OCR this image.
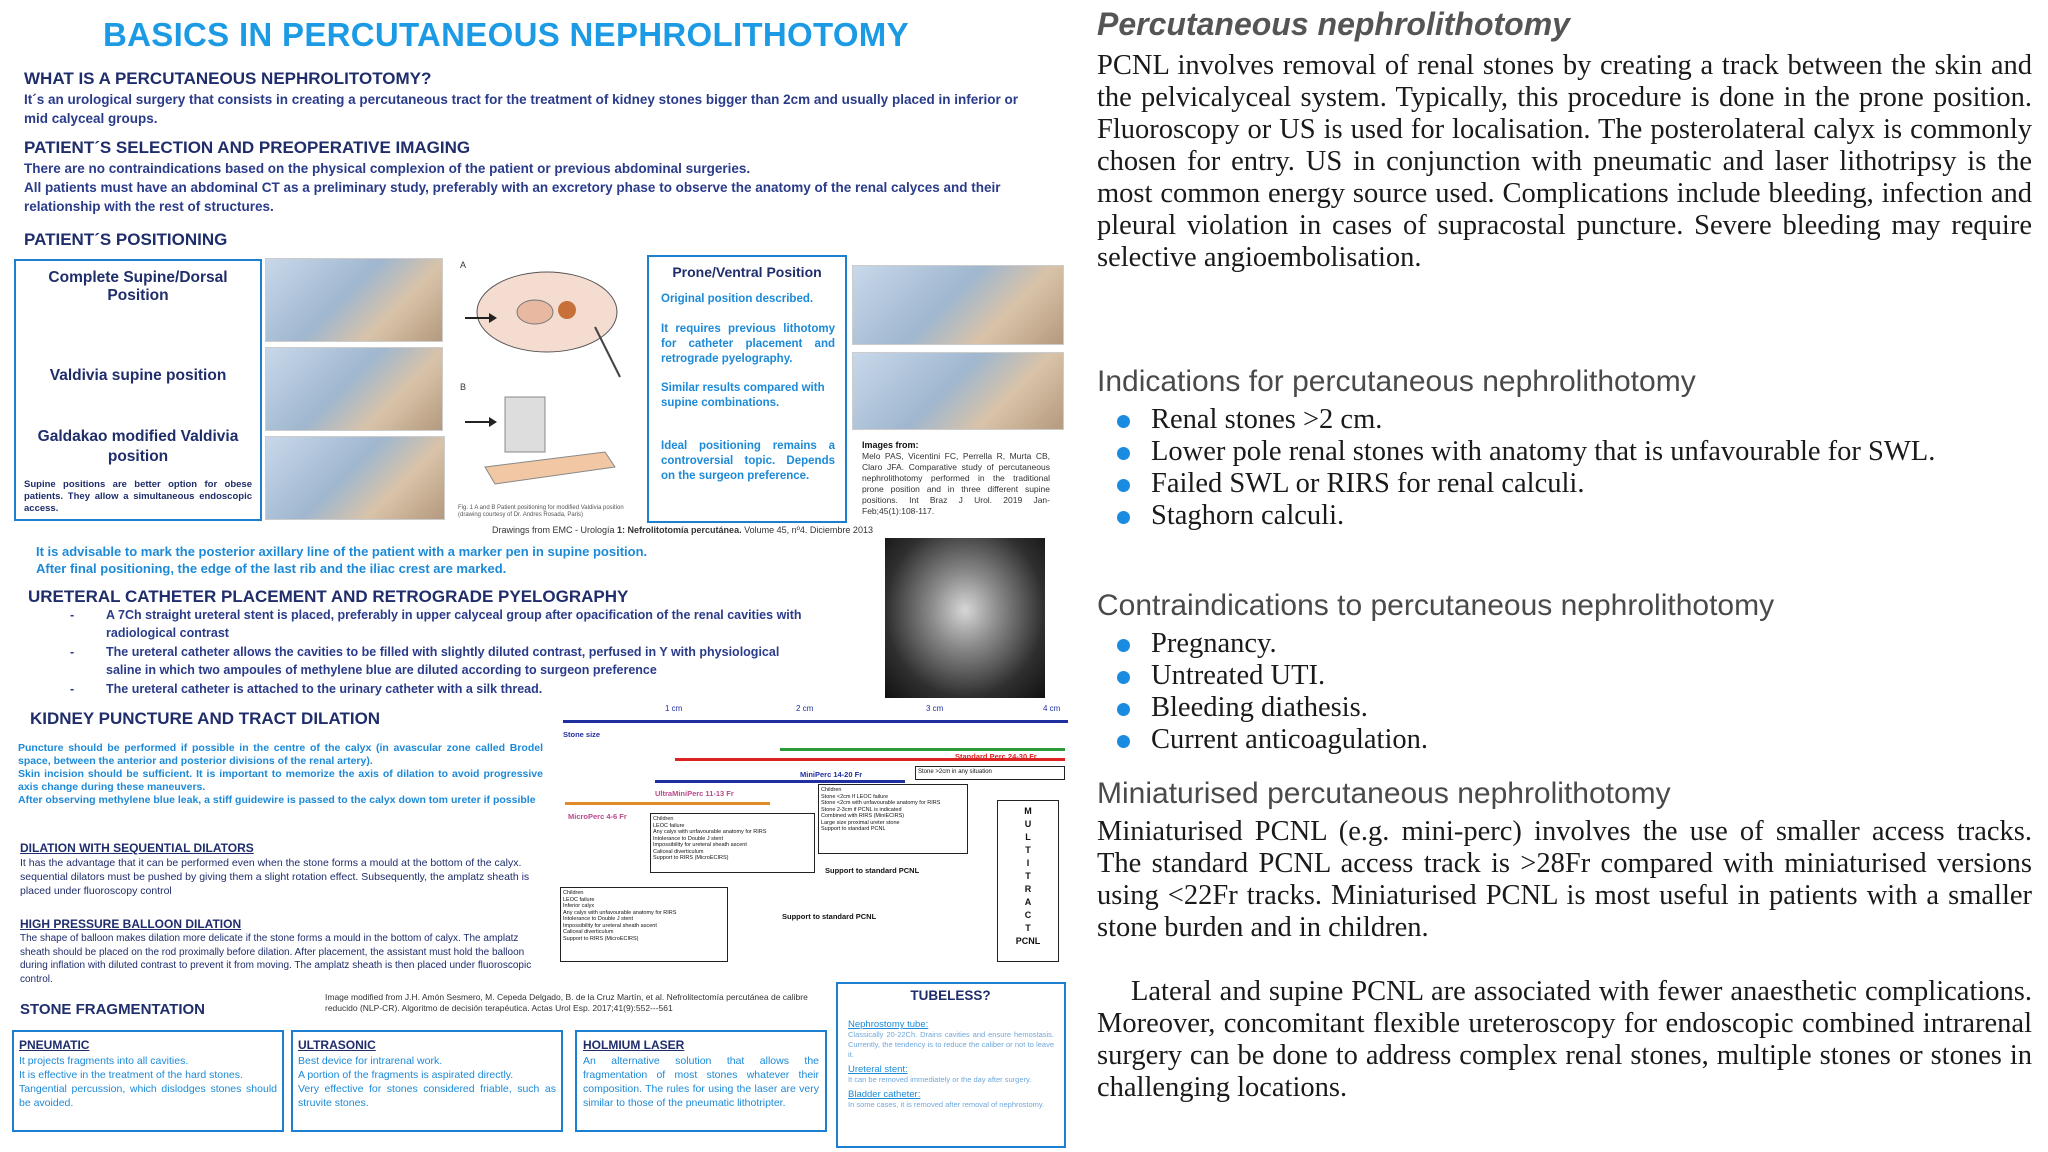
BASICS IN PERCUTANEOUS NEPHROLITHOTOMY
WHAT IS A PERCUTANEOUS NEPHROLITOTOMY?
It´s an urological surgery that consists in creating a percutaneous tract for the treatment of kidney stones bigger than 2cm and usually placed in inferior or mid calyceal groups.
PATIENT´S SELECTION AND PREOPERATIVE IMAGING
There are no contraindications based on the physical complexion of the patient or previous abdominal surgeries.
All patients must have an abdominal CT as a preliminary study, preferably with an excretory phase to observe the anatomy of the renal calyces and their relationship with the rest of structures.
PATIENT´S POSITIONING
Complete Supine/Dorsal Position
Valdivia supine position
Galdakao modified Valdivia position
Supine positions are better option for obese patients. They allow a simultaneous endoscopic access.
A
B
Fig. 1 A and B Patient positioning for modified Valdivia position (drawing courtesy of Dr. Andres Rosada, Paris)
Prone/Ventral Position
Original position described.
It requires previous lithotomy for catheter placement and retrograde pyelography.
Similar results compared with supine combinations.
Ideal positioning remains a controversial topic. Depends on the surgeon preference.
Images from:
Melo PAS, Vicentini FC, Perrella R, Murta CB, Claro JFA. Comparative study of percutaneous nephrolithotomy performed in the traditional prone position and in three different supine positions. Int Braz J Urol. 2019 Jan-Feb;45(1):108-117.
Drawings from EMC - Urología 1: Nefrolitotomía percutánea. Volume 45, nº4. Diciembre 2013
It is advisable to mark the posterior axillary line of the patient with a marker pen in supine position.
After final positioning, the edge of the last rib and the iliac crest are marked.
URETERAL CATHETER PLACEMENT AND RETROGRADE PYELOGRAPHY
- A 7Ch straight ureteral stent is placed, preferably in upper calyceal group after opacification of the renal cavities with radiological contrast
- The ureteral catheter allows the cavities to be filled with slightly diluted contrast, perfused in Y with physiological saline in which two ampoules of methylene blue are diluted according to surgeon preference
- The ureteral catheter is attached to the urinary catheter with a silk thread.
KIDNEY PUNCTURE AND TRACT DILATION
Puncture should be performed if possible in the centre of the calyx (in avascular zone called Brodel space, between the anterior and posterior divisions of the renal artery).
Skin incision should be sufficient. It is important to memorize the axis of dilation to avoid progressive axis change during these maneuvers.
After observing methylene blue leak, a stiff guidewire is passed to the calyx down tom ureter if possible
DILATION WITH SEQUENTIAL DILATORS
It has the advantage that it can be performed even when the stone forms a mould at the bottom of the calyx. sequential dilators must be pushed by giving them a slight rotation effect. Subsequently, the amplatz sheath is placed under fluoroscopy control
HIGH PRESSURE BALLOON DILATION
The shape of balloon makes dilation more delicate if the stone forms a mould in the bottom of calyx. The amplatz sheath should be placed on the rod proximally before dilation. After placement, the assistant must hold the balloon during inflation with diluted contrast to prevent it from moving. The amplatz sheath is then placed under fluoroscopic control.
1 cm	2 cm	3 cm	4 cm
Stone size
Standard Perc 24-30 Fr
MiniPerc 14-20 Fr	Stone >2cm in any situation
UltraMiniPerc 11-13 Fr
MicroPerc 4-6 Fr
Children
Stone <2cm If LEOC failure
Stone <2cm with unfavourable anatomy for RIRS
Stone 2-3cm if PCNL is indicated
Combined with RIRS (MiniECIRS)
Large size proximal ureter stone
Support to standard PCNL
Children
LEOC failure
Any calyx with unfavourable anatomy for RIRS
Intolerance to Double J stent
Impossibility for ureteral sheath ascent
Caliceal diverticulum
Support to RIRS (MicroECIRS)
Support to standard PCNL
Children
LEOC failure
Inferior calyx
Any calyx with unfavourable anatomy for RIRS
Intolerance to Double J stent
Impossibility for ureteral sheath ascent
Caliceal diverticulum
Support to RIRS (MicroECIRS)
Support to standard PCNL
M
U
L
T
I
T
R
A
C
T
PCNL
Image modified from J.H. Amón Sesmero, M. Cepeda Delgado, B. de la Cruz Martín, et al. Nefrolitectomía percutánea de calibre reducido (NLP-CR). Algoritmo de decisión terapéutica. Actas Urol Esp. 2017;41(9):552---561
STONE FRAGMENTATION
PNEUMATIC
It projects fragments into all cavities.
It is effective in the treatment of the hard stones.
Tangential percussion, which dislodges stones should be avoided.
ULTRASONIC
Best device for intrarenal work.
A portion of the fragments is aspirated directly.
Very effective for stones considered friable, such as struvite stones.
HOLMIUM LASER
An alternative solution that allows the fragmentation of most stones whatever their composition. The rules for using the laser are very similar to those of the pneumatic lithotripter.
TUBELESS?
Nephrostomy tube:
Classically 20-22Ch. Drains cavities and ensure hemostasis. Currently, the tendency is to reduce the caliber or not to leave it.
Ureteral stent:
It can be removed immediately or the day after surgery.
Bladder catheter:
In some cases, it is removed after removal of nephrostomy.
Percutaneous nephrolithotomy
PCNL involves removal of renal stones by creating a track between the skin and the pelvicalyceal system. Typically, this procedure is done in the prone position. Fluoroscopy or US is used for localisation. The posterolateral calyx is commonly chosen for entry. US in conjunction with pneumatic and laser lithotripsy is the most common energy source used. Complications include bleeding, infection and pleural violation in cases of supracostal puncture. Severe bleeding may require selective angioembolisation.
Indications for percutaneous nephrolithotomy
Renal stones >2 cm.
Lower pole renal stones with anatomy that is unfavourable for SWL.
Failed SWL or RIRS for renal calculi.
Staghorn calculi.
Contraindications to percutaneous nephrolithotomy
Pregnancy.
Untreated UTI.
Bleeding diathesis.
Current anticoagulation.
Miniaturised percutaneous nephrolithotomy
Miniaturised PCNL (e.g. mini-perc) involves the use of smaller access tracks. The standard PCNL access track is >28Fr compared with miniaturised versions using <22Fr tracks. Miniaturised PCNL is most useful in patients with a smaller stone burden and in children.
Lateral and supine PCNL are associated with fewer anaesthetic complications. Moreover, concomitant flexible ureteroscopy for endoscopic combined intrarenal surgery can be done to address complex renal stones, multiple stones or stones in challenging locations.
